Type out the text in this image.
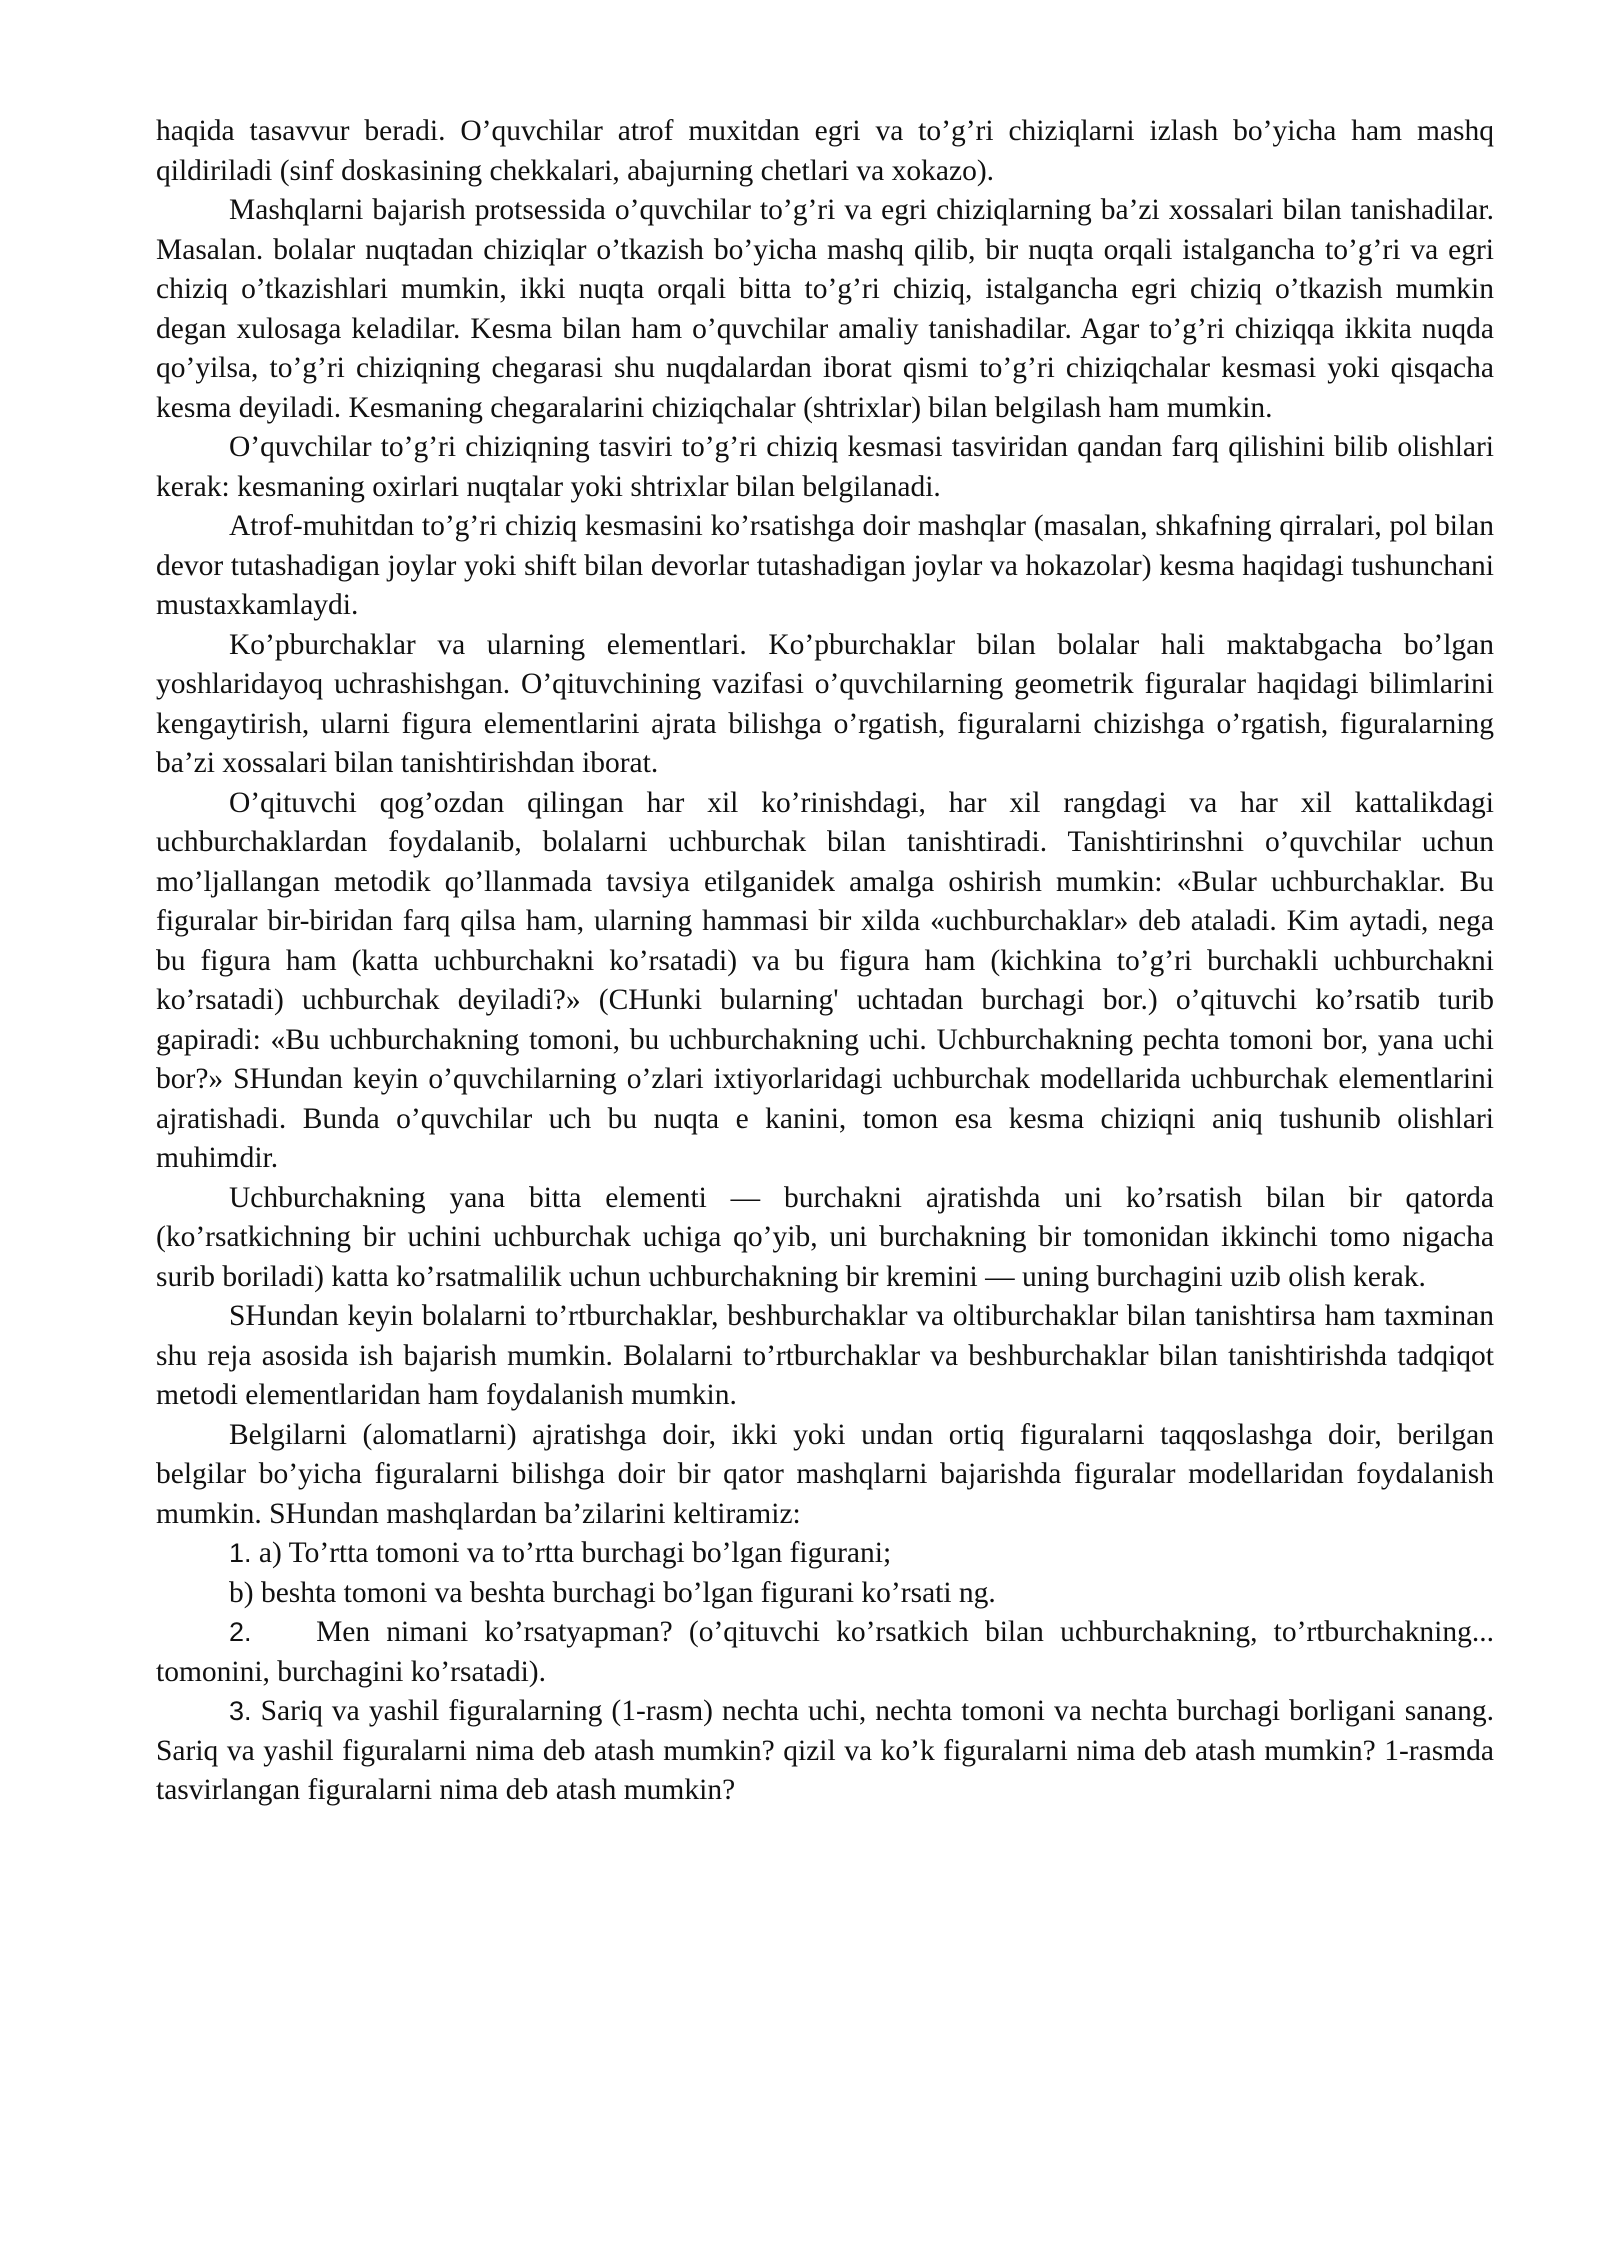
haqida tasavvur beradi. O’quvchilar atrof muxitdan egri va to’g’ri chiziqlarni izlash bo’yicha ham mashq qildiriladi (sinf doskasining chekkalari, abajurning chetlari va xokazo).

Mashqlarni bajarish protsessida o’quvchilar to’g’ri va egri chiziqlarning ba’zi xossalari bilan tanishadilar. Masalan. bolalar nuqtadan chiziqlar o’tkazish bo’yicha mashq qilib, bir nuqta orqali istalgancha to’g’ri va egri chiziq o’tkazishlari mumkin, ikki nuqta orqali bitta to’g’ri chiziq, istalgancha egri chiziq o’tkazish mumkin degan xulosaga keladilar. Kesma bilan ham o’quvchilar amaliy tanishadilar. Agar to’g’ri chiziqqa ikkita nuqda qo’yilsa, to’g’ri chiziqning chegarasi shu nuqdalardan iborat qismi to’g’ri chiziqchalar kesmasi yoki qisqacha kesma deyiladi. Kesmaning chegaralarini chiziqchalar (shtrixlar) bilan belgilash ham mumkin.

O’quvchilar to’g’ri chiziqning tasviri to’g’ri chiziq kesmasi tasviridan qandan farq qilishini bilib olishlari kerak: kesmaning oxirlari nuqtalar yoki shtrixlar bilan belgilanadi.

Atrof-muhitdan to’g’ri chiziq kesmasini ko’rsatishga doir mashqlar (masalan, shkafning qirralari, pol bilan devor tutashadigan joylar yoki shift bilan devorlar tutashadigan joylar va hokazolar) kesma haqidagi tushunchani mustaxkamlaydi.

Ko’pburchaklar va ularning elementlari. Ko’pburchaklar bilan bolalar hali maktabgacha bo’lgan yoshlaridayoq uchrashishgan. O’qituvchining vazifasi o’quvchilarning geometrik figuralar haqidagi bilimlarini kengaytirish, ularni figura elementlarini ajrata bilishga o’rgatish, figuralarni chizishga o’rgatish, figuralarning ba’zi xossalari bilan tanishtirishdan iborat.

O’qituvchi qog’ozdan qilingan har xil ko’rinishdagi, har xil rangdagi va har xil kattalikdagi uchburchaklardan foydalanib, bolalarni uchburchak bilan tanishtiradi. Tanishtirinshni o’quvchilar uchun mo’ljallangan metodik qo’llanmada tavsiya etilganidek amalga oshirish mumkin: «Bular uchburchaklar. Bu figuralar bir-biridan farq qilsa ham, ularning hammasi bir xilda «uchburchaklar» deb ataladi. Kim aytadi, nega bu figura ham (katta uchburchakni ko’rsatadi) va bu figura ham (kichkina to’g’ri burchakli uchburchakni ko’rsatadi) uchburchak deyiladi?» (CHunki bularning' uchtadan burchagi bor.) o’qituvchi ko’rsatib turib gapiradi: «Bu uchburchakning tomoni, bu uchburchakning uchi. Uchburchakning pechta tomoni bor, yana uchi bor?» SHundan keyin o’quvchilarning o’zlari ixtiyorlaridagi uchburchak modellarida uchburchak elementlarini ajratishadi. Bunda o’quvchilar uch bu nuqta e kanini, tomon esa kesma chiziqni aniq tushunib olishlari muhimdir.

Uchburchakning yana bitta elementi — burchakni ajratishda uni ko’rsatish bilan bir qatorda (ko’rsatkichning bir uchini uchburchak uchiga qo’yib, uni burchakning bir tomonidan ikkinchi tomo nigacha surib boriladi) katta ko’rsatmalilik uchun uchburchakning bir kremini — uning burchagini uzib olish kerak.

SHundan keyin bolalarni to’rtburchaklar, beshburchaklar va oltiburchaklar bilan tanishtirsa ham taxminan shu reja asosida ish bajarish mumkin. Bolalarni to’rtburchaklar va beshburchaklar bilan tanishtirishda tadqiqot metodi elementlaridan ham foydalanish mumkin.

Belgilarni (alomatlarni) ajratishga doir, ikki yoki undan ortiq figuralarni taqqoslashga doir, berilgan belgilar bo’yicha figuralarni bilishga doir bir qator mashqlarni bajarishda figuralar modellaridan foydalanish mumkin. SHundan mashqlardan ba’zilarini keltiramiz:

1. a) To’rtta tomoni va to’rtta burchagi bo’lgan figurani;

b) beshta tomoni va beshta burchagi bo’lgan figurani ko’rsati ng.

2. Men nimani ko’rsatyapman? (o’qituvchi ko’rsatkich bilan uchburchakning, to’rtburchakning... tomonini, burchagini ko’rsatadi).

3. Sariq va yashil figuralarning (1-rasm) nechta uchi, nechta tomoni va nechta burchagi borligani sanang. Sariq va yashil figuralarni nima deb atash mumkin? qizil va ko’k figuralarni nima deb atash mumkin? 1-rasmda tasvirlangan figuralarni nima deb atash mumkin?
